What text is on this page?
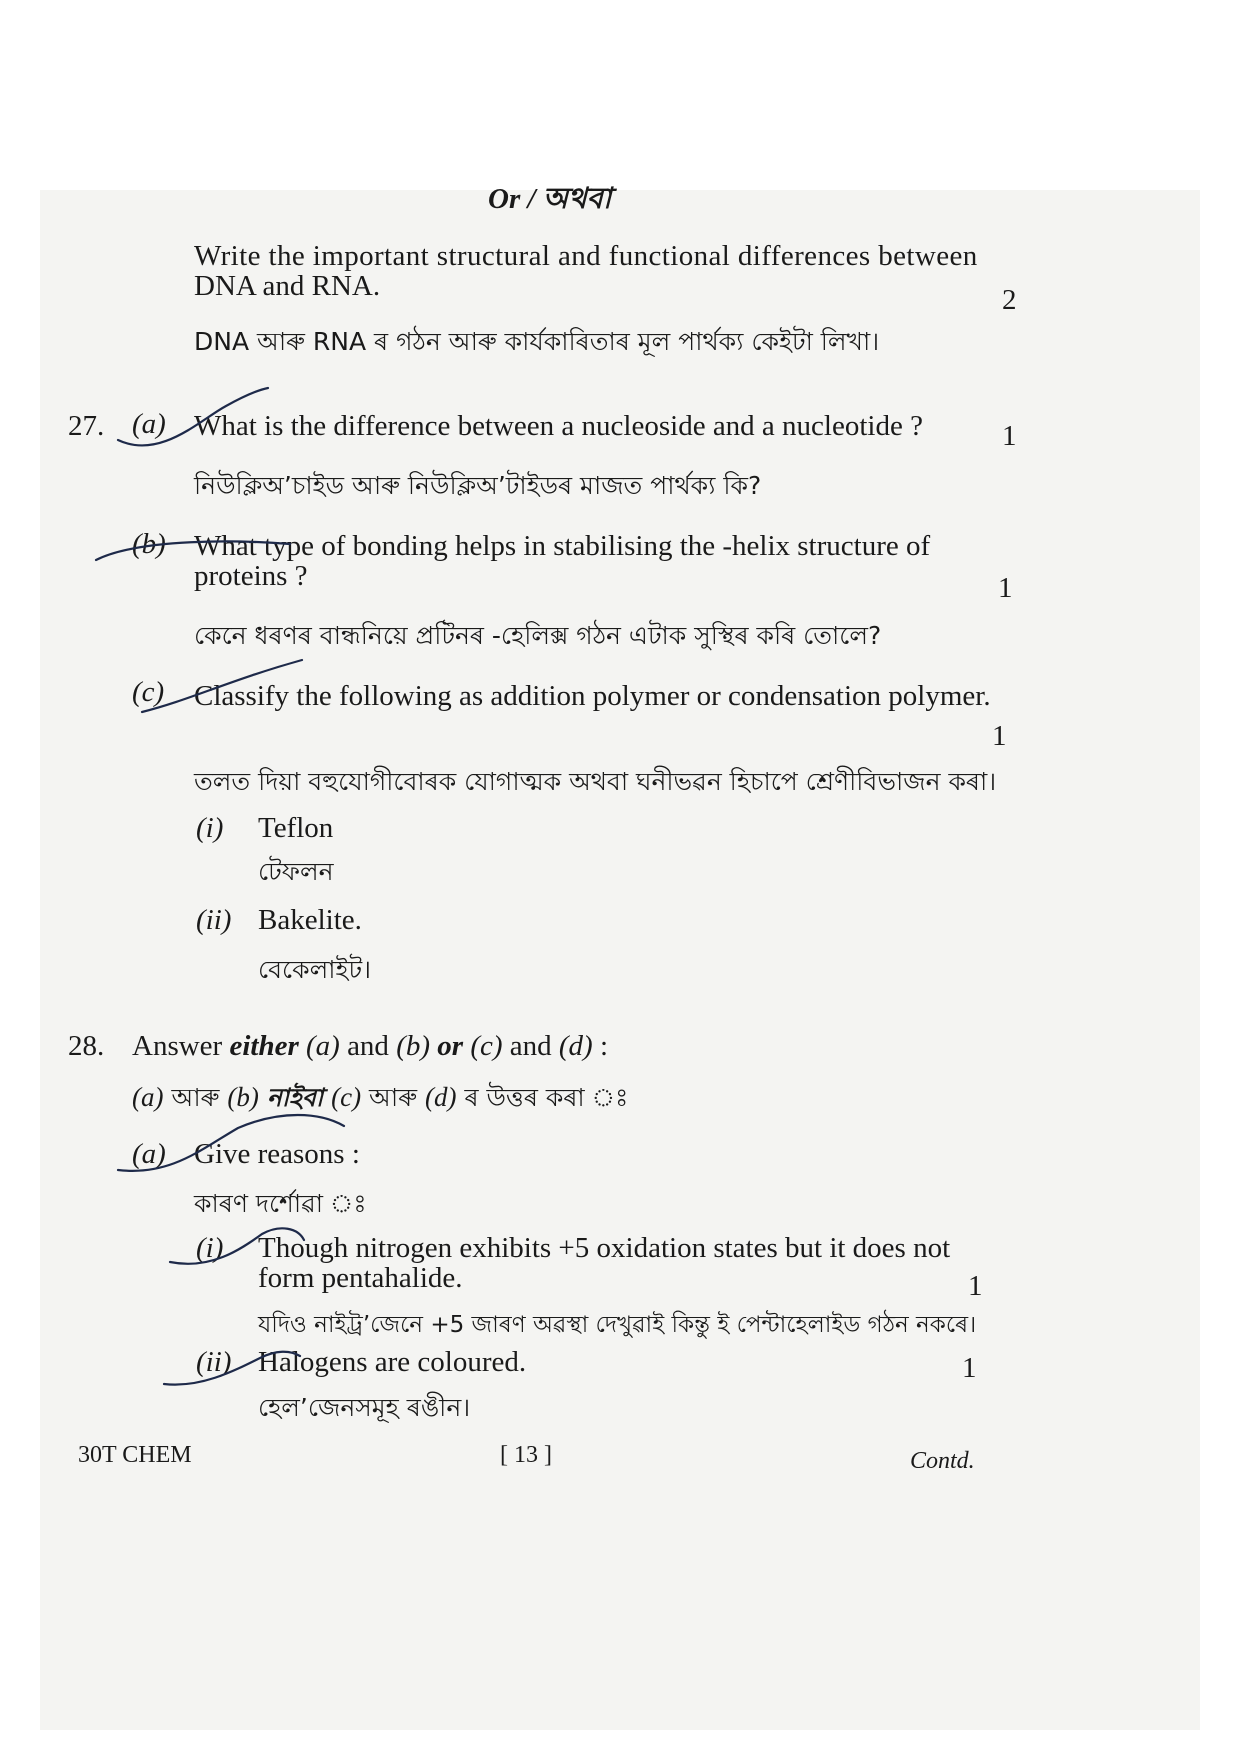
Or / অথবা
Write the important structural and functional differences between
DNA and RNA.	2
DNA আৰু RNA ৰ গঠন আৰু কাৰ্যকাৰিতাৰ মূল পাৰ্থক্য কেইটা লিখা।
27. (a) What is the difference between a nucleoside and a nucleotide ?	1
নিউক্লিঅ’চাইড আৰু নিউক্লিঅ’টাইডৰ মাজত পাৰ্থক্য কি?
(b) What type of bonding helps in stabilising the -helix structure of
proteins ?	1
কেনে ধৰণৰ বান্ধনিয়ে প্ৰটিনৰ -হেলিক্স গঠন এটাক সুস্থিৰ কৰি তোলে?
(c) Classify the following as addition polymer or condensation polymer.
1
তলত দিয়া বহুযোগীবোৰক যোগাত্মক অথবা ঘনীভৱন হিচাপে শ্ৰেণীবিভাজন কৰা।
(i) Teflon
টেফলন
(ii) Bakelite.
বেকেলাইট।
28. Answer either (a) and (b) or (c) and (d) :
(a) আৰু (b) নাইবা (c) আৰু (d) ৰ উত্তৰ কৰা ঃ
(a) Give reasons :
কাৰণ দৰ্শোৱা ঃ
(i) Though nitrogen exhibits +5 oxidation states but it does not
form pentahalide.	1
যদিও নাইট্ৰ’জেনে +5 জাৰণ অৱস্থা দেখুৱাই কিন্তু ই পেন্টাহেলাইড গঠন নকৰে।
(ii) Halogens are coloured.	1
হেল’জেনসমূহ ৰঙীন।
30T CHEM	[ 13 ]	Contd.
